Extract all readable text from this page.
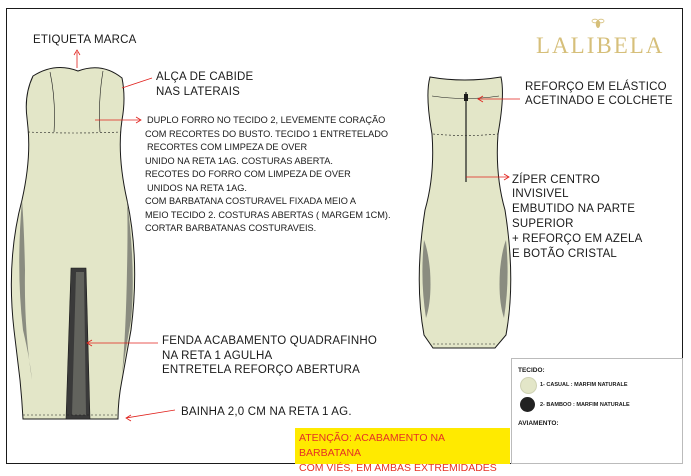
LALIBELA
ETIQUETA MARCA
ALÇA DE CABIDE
NAS LATERAIS
DUPLO FORRO NO TECIDO 2, LEVEMENTE CORAÇÃO
COM RECORTES DO BUSTO. TECIDO 1 ENTRETELADO
RECORTES COM LIMPEZA DE OVER
UNIDO NA RETA 1AG. COSTURAS ABERTA.
RECOTES DO FORRO COM LIMPEZA DE OVER
UNIDOS NA RETA 1AG.
COM BARBATANA COSTURAVEL FIXADA MEIO A
MEIO TECIDO 2. COSTURAS ABERTAS ( MARGEM 1CM).
CORTAR BARBATANAS COSTURAVEIS.
FENDA ACABAMENTO QUADRAFINHO
NA RETA 1 AGULHA
ENTRETELA REFORÇO ABERTURA
BAINHA 2,0 CM NA RETA 1 AG.
REFORÇO EM ELÁSTICO
ACETINADO E COLCHETE
ZÍPER CENTRO
INVISIVEL
EMBUTIDO NA PARTE
SUPERIOR
+ REFORÇO EM AZELA
E BOTÃO CRISTAL
ATENÇÃO: ACABAMENTO NA BARBATANA
COM VIÉS, EM AMBAS EXTREMIDADES
TECIDO:
1- CASUAL : MARFIM NATURALE
2- BAMBOO : MARFIM NATURALE
AVIAMENTO:
